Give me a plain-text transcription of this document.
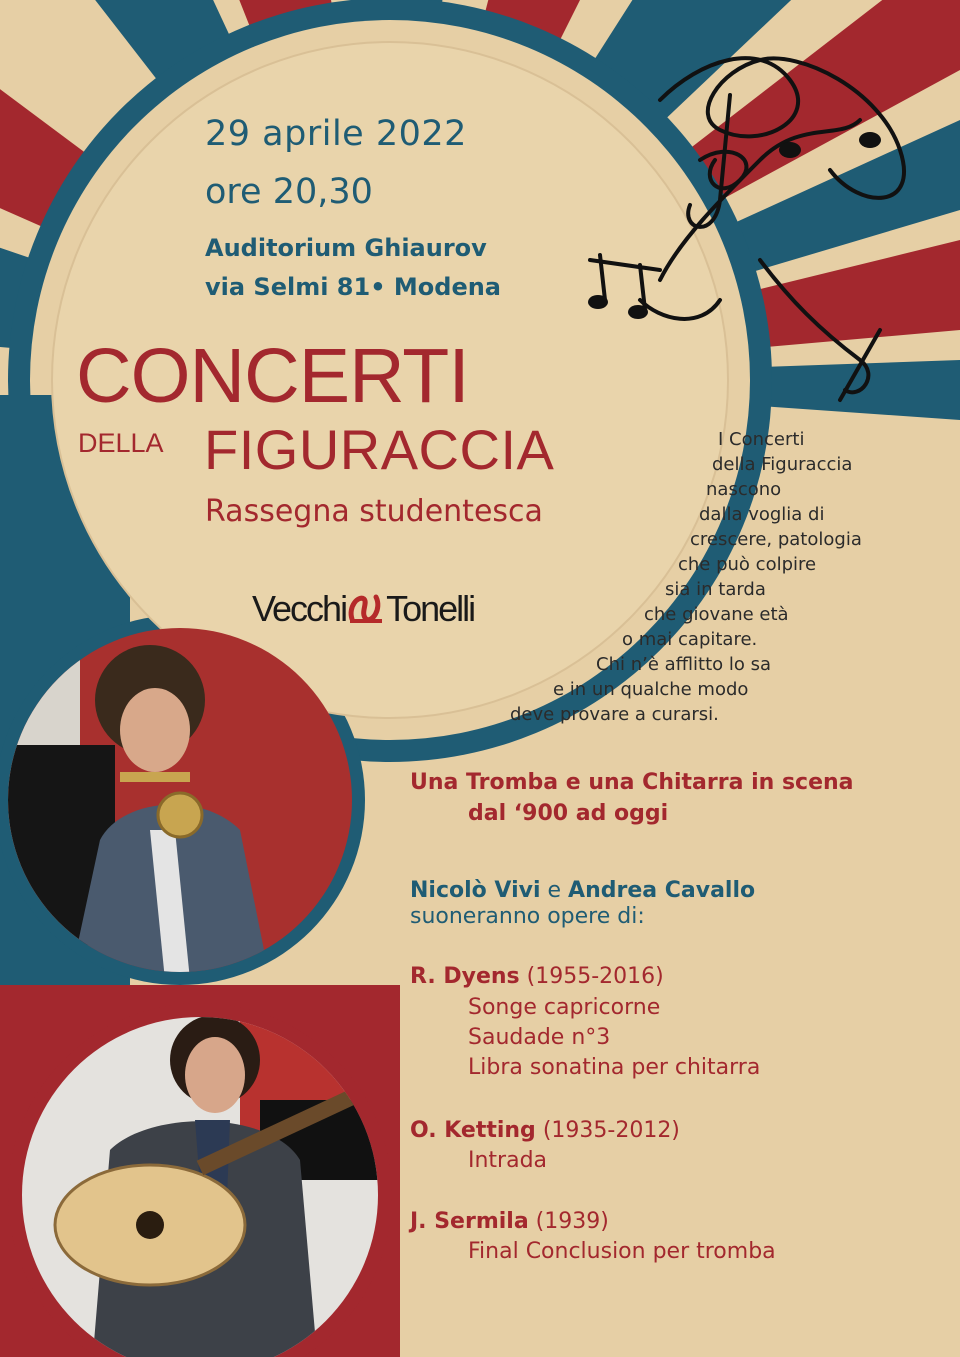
29 aprile 2022

ore 20,30

Auditorium Ghiaurov

via Selmi 81• Modena

CONCERTI

DELLA FIGURACCIA

Rassegna studentesca

Vecchi Tonelli
I Concerti
della Figuraccia
nascono
dalla voglia di
crescere, patologia
che può colpire
sia in tarda
che giovane età
o mai capitare.
Chi n’è afflitto lo sa
e in un qualche modo
deve provare a curarsi.

Una Tromba e una Chitarra in scena

dal ‘900 ad oggi

Nicolò Vivi e Andrea Cavallo

suoneranno opere di:

R. Dyens (1955-2016)

Songe capricorne

Saudade n°3

Libra sonatina per chitarra

O. Ketting (1935-2012)

Intrada

J. Sermila (1939)

Final Conclusion per tromba
